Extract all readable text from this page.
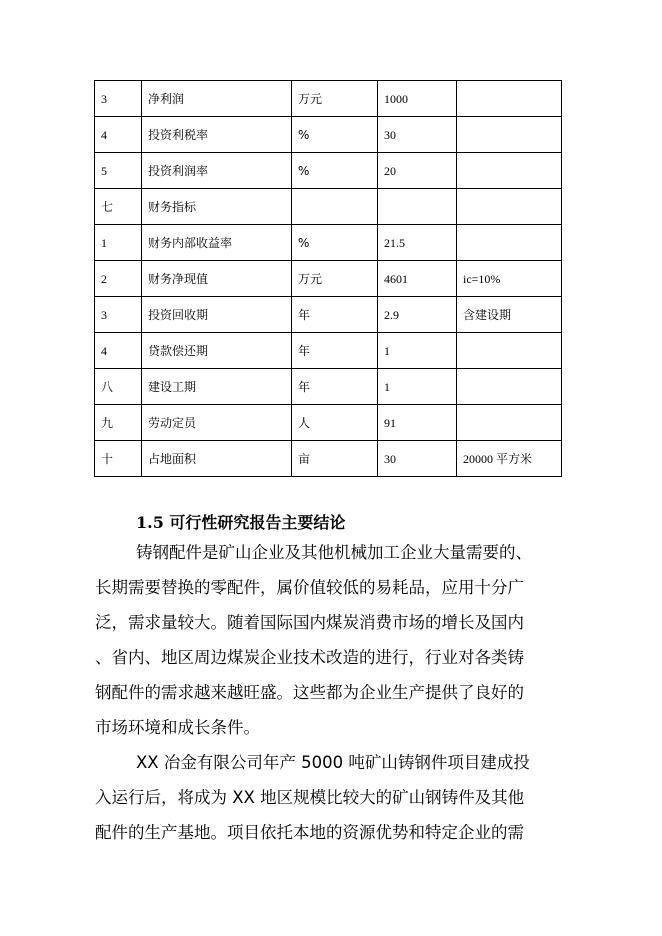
3	净利润	万元	1000	
4	投资利税率	%	30	
5	投资利润率	%	20	
七	财务指标			
1	财务内部收益率	%	21.5	
2	财务净现值	万元	4601	ic=10%
3	投资回收期	年	2.9	含建设期
4	贷款偿还期	年	1	
八	建设工期	年	1	
九	劳动定员	人	91	
十	占地面积	亩	30	20000 平方米
1.5 可行性研究报告主要结论
铸钢配件是矿山企业及其他机械加工企业大量需要的、
长期需要替换的零配件，属价值较低的易耗品，应用十分广
泛，需求量较大。随着国际国内煤炭消费市场的增长及国内
、省内、地区周边煤炭企业技术改造的进行，行业对各类铸
钢配件的需求越来越旺盛。这些都为企业生产提供了良好的
市场环境和成长条件。
XX 冶金有限公司年产 5000 吨矿山铸钢件项目建成投
入运行后，将成为 XX 地区规模比较大的矿山钢铸件及其他
配件的生产基地。项目依托本地的资源优势和特定企业的需
